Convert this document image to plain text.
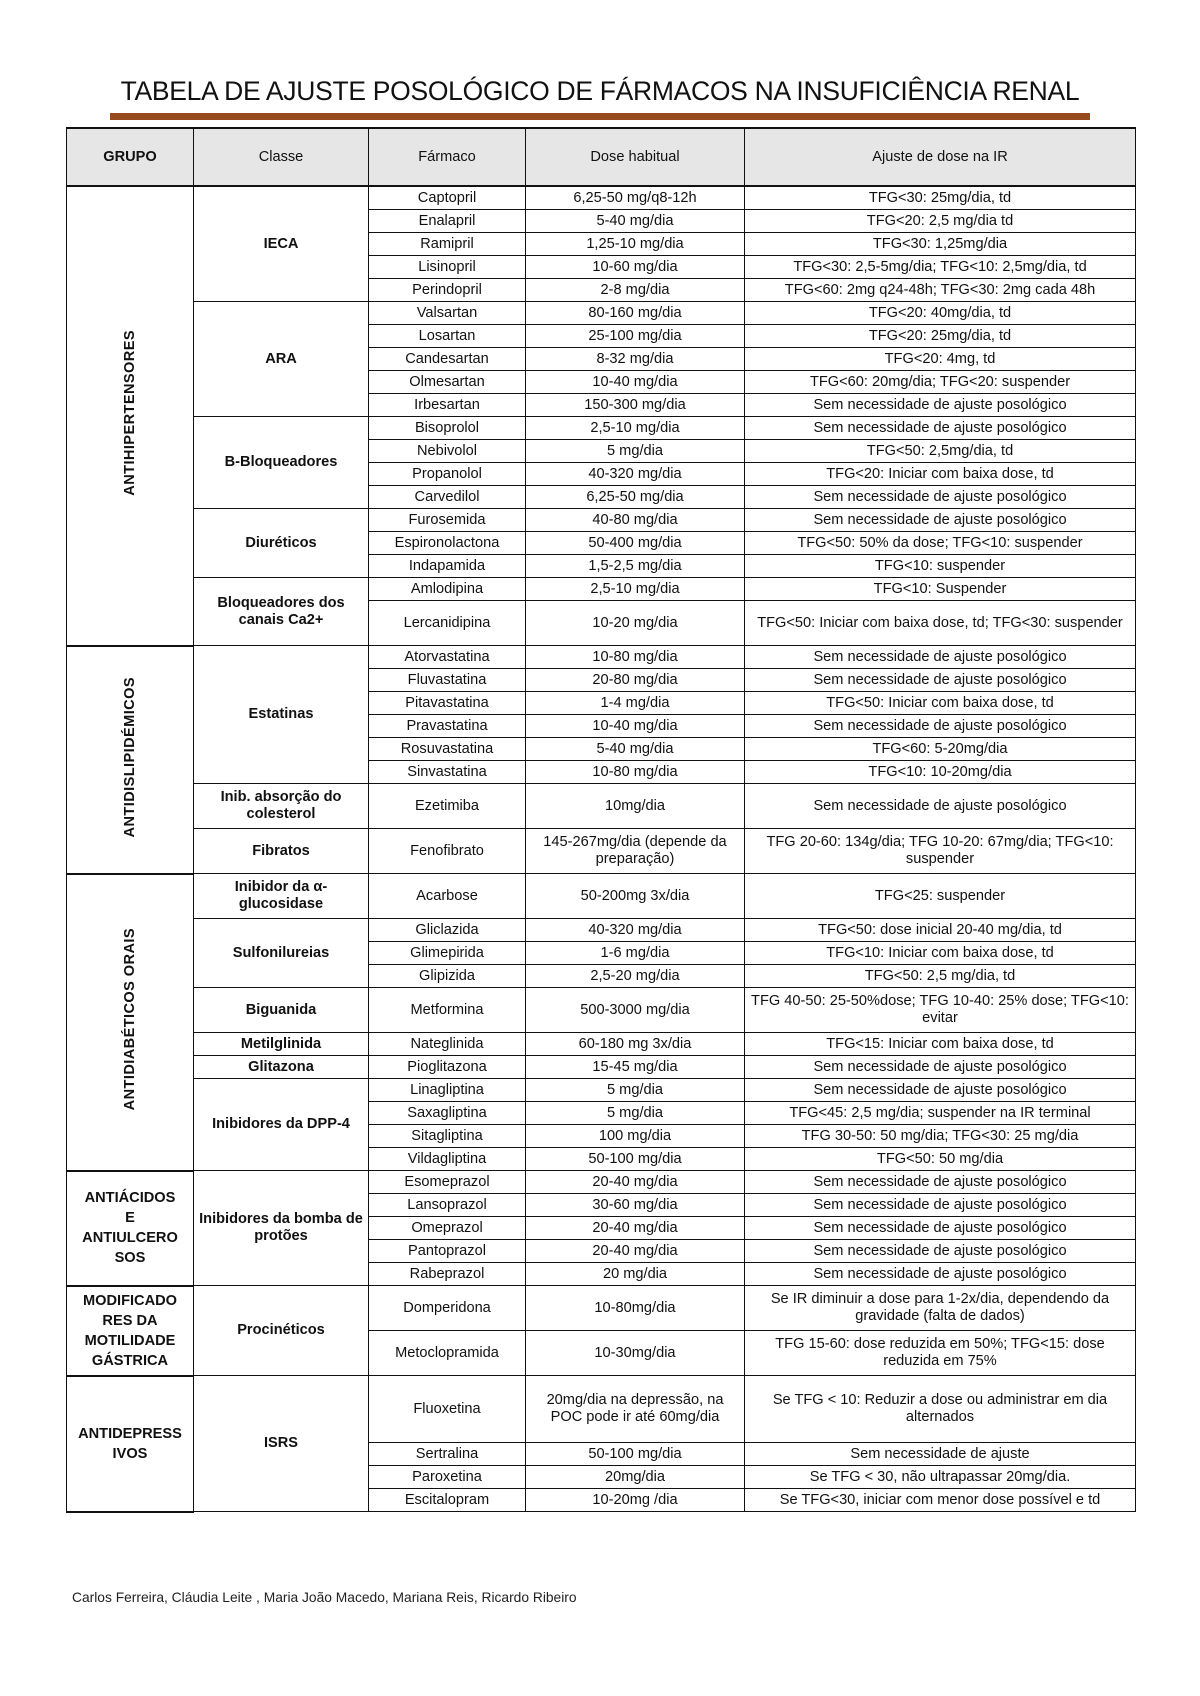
TABELA DE AJUSTE POSOLÓGICO DE FÁRMACOS NA INSUFICIÊNCIA RENAL
GRUPO	Classe	Fármaco	Dose habitual	Ajuste de dose na IR
ANTIHIPERTENSORES	IECA	Captopril	6,25-50 mg/q8-12h	TFG<30: 25mg/dia, td
		Enalapril	5-40 mg/dia	TFG<20: 2,5 mg/dia td
		Ramipril	1,25-10 mg/dia	TFG<30: 1,25mg/dia
		Lisinopril	10-60 mg/dia	TFG<30: 2,5-5mg/dia; TFG<10: 2,5mg/dia, td
		Perindopril	2-8 mg/dia	TFG<60: 2mg q24-48h; TFG<30: 2mg cada 48h
	ARA	Valsartan	80-160 mg/dia	TFG<20: 40mg/dia, td
		Losartan	25-100 mg/dia	TFG<20: 25mg/dia, td
		Candesartan	8-32 mg/dia	TFG<20: 4mg, td
		Olmesartan	10-40 mg/dia	TFG<60: 20mg/dia; TFG<20: suspender
		Irbesartan	150-300 mg/dia	Sem necessidade de ajuste posológico
	B-Bloqueadores	Bisoprolol	2,5-10 mg/dia	Sem necessidade de ajuste posológico
		Nebivolol	5 mg/dia	TFG<50: 2,5mg/dia, td
		Propanolol	40-320 mg/dia	TFG<20: Iniciar com baixa dose, td
		Carvedilol	6,25-50 mg/dia	Sem necessidade de ajuste posológico
	Diuréticos	Furosemida	40-80 mg/dia	Sem necessidade de ajuste posológico
		Espironolactona	50-400 mg/dia	TFG<50: 50% da dose; TFG<10: suspender
		Indapamida	1,5-2,5 mg/dia	TFG<10: suspender
	Bloqueadores dos canais Ca2+	Amlodipina	2,5-10 mg/dia	TFG<10: Suspender
		Lercanidipina	10-20 mg/dia	TFG<50: Iniciar com baixa dose, td; TFG<30: suspender
ANTIDISLIPIDÉMICOS	Estatinas	Atorvastatina	10-80 mg/dia	Sem necessidade de ajuste posológico
		Fluvastatina	20-80 mg/dia	Sem necessidade de ajuste posológico
		Pitavastatina	1-4 mg/dia	TFG<50: Iniciar com baixa dose, td
		Pravastatina	10-40 mg/dia	Sem necessidade de ajuste posológico
		Rosuvastatina	5-40 mg/dia	TFG<60: 5-20mg/dia
		Sinvastatina	10-80 mg/dia	TFG<10: 10-20mg/dia
	Inib. absorção do colesterol	Ezetimiba	10mg/dia	Sem necessidade de ajuste posológico
	Fibratos	Fenofibrato	145-267mg/dia (depende da preparação)	TFG 20-60: 134g/dia; TFG 10-20: 67mg/dia; TFG<10: suspender
ANTIDIABÉTICOS ORAIS	Inibidor da α-glucosidase	Acarbose	50-200mg 3x/dia	TFG<25: suspender
	Sulfonilureias	Gliclazida	40-320 mg/dia	TFG<50: dose inicial 20-40 mg/dia, td
		Glimepirida	1-6 mg/dia	TFG<10: Iniciar com baixa dose, td
		Glipizida	2,5-20 mg/dia	TFG<50: 2,5 mg/dia, td
	Biguanida	Metformina	500-3000 mg/dia	TFG 40-50: 25-50%dose; TFG 10-40: 25% dose; TFG<10: evitar
	Metilglinida	Nateglinida	60-180 mg 3x/dia	TFG<15: Iniciar com baixa dose, td
	Glitazona	Pioglitazona	15-45 mg/dia	Sem necessidade de ajuste posológico
	Inibidores da DPP-4	Linagliptina	5 mg/dia	Sem necessidade de ajuste posológico
		Saxagliptina	5 mg/dia	TFG<45: 2,5 mg/dia; suspender na IR terminal
		Sitagliptina	100 mg/dia	TFG 30-50: 50 mg/dia; TFG<30: 25 mg/dia
		Vildagliptina	50-100 mg/dia	TFG<50: 50 mg/dia
ANTIÁCIDOS
E
ANTIULCERO
SOS	Inibidores da bomba de protões	Esomeprazol	20-40 mg/dia	Sem necessidade de ajuste posológico
		Lansoprazol	30-60 mg/dia	Sem necessidade de ajuste posológico
		Omeprazol	20-40 mg/dia	Sem necessidade de ajuste posológico
		Pantoprazol	20-40 mg/dia	Sem necessidade de ajuste posológico
		Rabeprazol	20 mg/dia	Sem necessidade de ajuste posológico
MODIFICADO
RES DA
MOTILIDADE
GÁSTRICA	Procinéticos	Domperidona	10-80mg/dia	Se IR diminuir a dose para 1-2x/dia, dependendo da gravidade (falta de dados)
		Metoclopramida	10-30mg/dia	TFG 15-60: dose reduzida em 50%; TFG<15: dose reduzida em 75%
ANTIDEPRESS
IVOS	ISRS	Fluoxetina	20mg/dia na depressão, na POC pode ir até 60mg/dia	Se TFG < 10: Reduzir a dose ou administrar em dia alternados
		Sertralina	50-100 mg/dia	Sem necessidade de ajuste
		Paroxetina	20mg/dia	Se TFG < 30, não ultrapassar 20mg/dia.
		Escitalopram	10-20mg /dia	Se TFG<30, iniciar com menor dose possível e td
Carlos Ferreira, Cláudia Leite , Maria João Macedo, Mariana Reis, Ricardo Ribeiro
